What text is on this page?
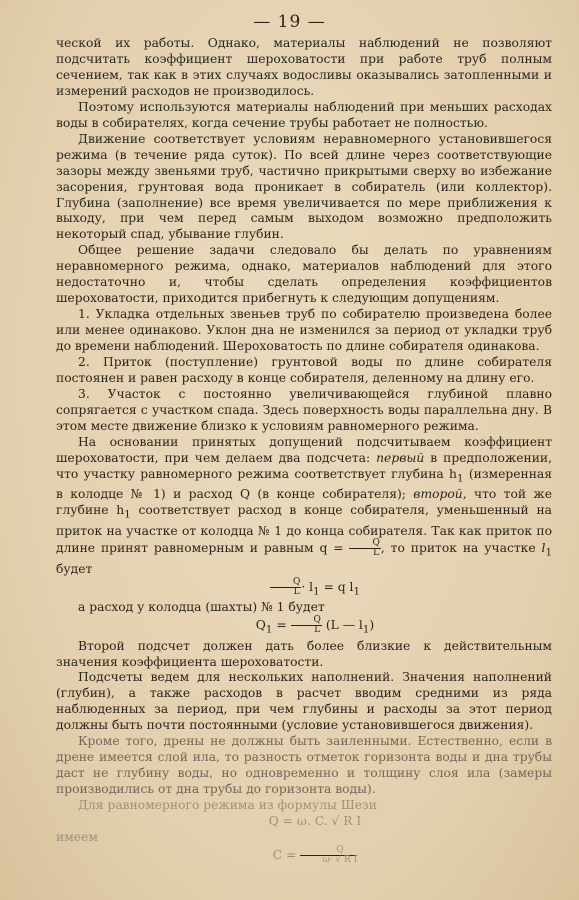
— 19 —

ческой их работы. Однако, материалы наблюдений не позволяют подсчитать коэффициент шероховатости при работе труб полным сечением, так как в этих случаях водосливы оказывались затопленными и измерений расходов не производилось.

Поэтому используются материалы наблюдений при меньших расходах воды в собирателях, когда сечение трубы работает не полностью.

Движение соответствует условиям неравномерного установившегося режима (в течение ряда суток). По всей длине через соответствующие зазоры между звеньями труб, частично прикрытыми сверху во избежание засорения, грунтовая вода проникает в собиратель (или коллектор). Глубина (заполнение) все время увеличивается по мере приближения к выходу, при чем перед самым выходом возможно предположить некоторый спад, убывание глубин.

Общее решение задачи следовало бы делать по уравнениям неравномерного режима, однако, материалов наблюдений для этого недостаточно и, чтобы сделать определения коэффициентов шероховатости, приходится прибегнуть к следующим допущениям.

1. Укладка отдельных звеньев труб по собирателю произведена более или менее одинаково. Уклон дна не изменился за период от укладки труб до времени наблюдений. Шероховатость по длине собирателя одинакова.

2. Приток (поступление) грунтовой воды по длине собирателя постоянен и равен расходу в конце собирателя, деленному на длину его.

3. Участок с постоянно увеличивающейся глубиной плавно сопрягается с участком спада. Здесь поверхность воды параллельна дну. В этом месте движение близко к условиям равномерного режима.

На основании принятых допущений подсчитываем коэффициент шероховатости, при чем делаем два подсчета: первый в предположении, что участку равномерного режима соответствует глубина $h_1$ (измеренная в колодце № 1) и расход Q (в конце собирателя); второй, что той же глубине $h_1$ соответствует расход в конце собирателя, уменьшенный на приток на участке от колодца № 1 до конца собирателя. Так как приток по длине принят равномерным и равным $q = \frac{Q}{L}$ , то приток на участке $l_1$ будет

$\frac{Q}{L} \cdot l_1 = q$ $l_1$

а расход у колодца (шахты) № 1 будет

$Q_1 = \frac{Q}{L} (L$ — $l_1$)

Второй подсчет должен дать более близкие к действительным значения коэффициента шероховатости.

Подсчеты ведем для нескольких наполнений. Значения наполнений (глубин), а также расходов в расчет вводим средними из ряда наблюденных за период, при чем глубины и расходы за этот период должны быть почти постоянными (условие установившегося движения).

Кроме того, дрены не должны быть заиленными. Естественно, если в дрене имеется слой ила, то разность отметок горизонта воды и дна трубы даст не глубину воды, но одновременно и толщину слоя ила (замеры производились от дна трубы до горизонта воды).

Для равномерного режима из формулы Шези

Q = ω. C. √ R I

имеем

$C = \frac{Q}{\text{ω· √ R I}}$
